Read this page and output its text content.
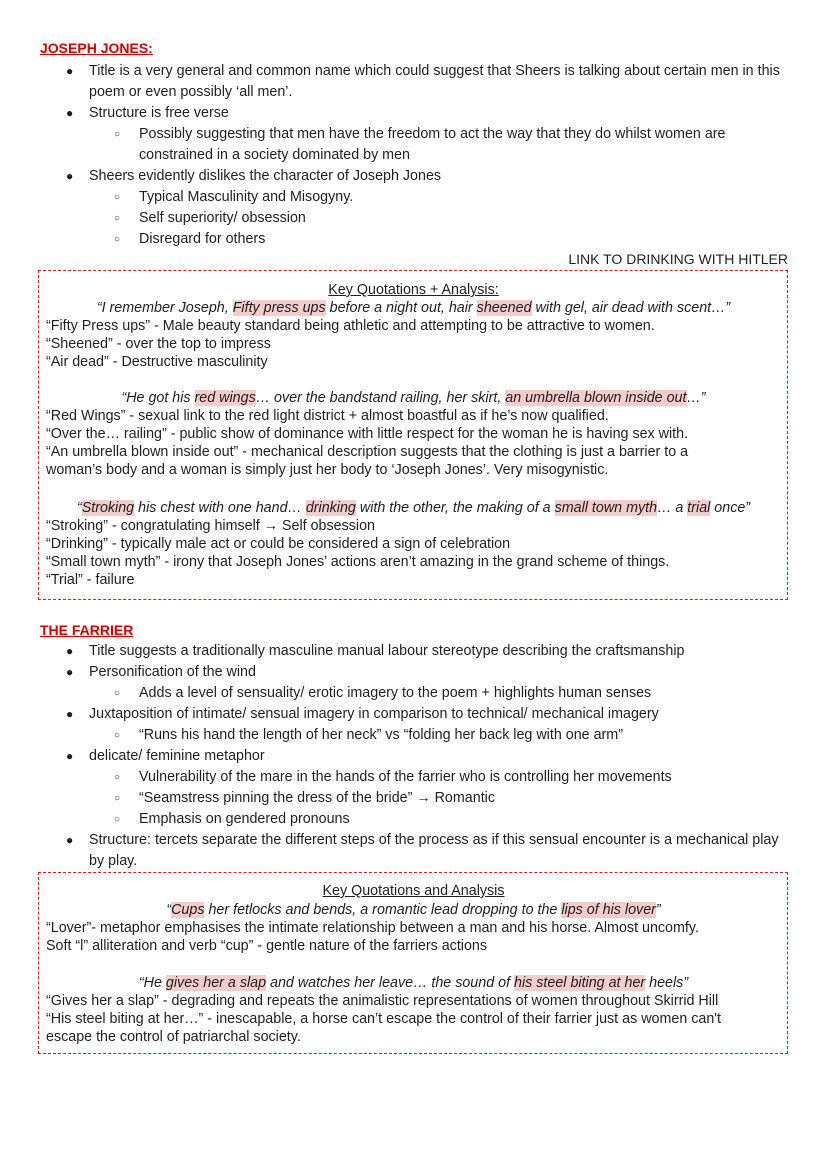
JOSEPH JONES:
●	Title is a very general and common name which could suggest that Sheers is talking about certain men in this poem or even possibly ‘all men’.
●	Structure is free verse
○	Possibly suggesting that men have the freedom to act the way that they do whilst women are constrained in a society dominated by men
●	Sheers evidently dislikes the character of Joseph Jones
○	Typical Masculinity and Misogyny.
○	Self superiority/ obsession
○	Disregard for others
LINK TO DRINKING WITH HITLER
Key Quotations + Analysis:
“I remember Joseph, Fifty press ups before a night out, hair sheened with gel, air dead with scent…”
“Fifty Press ups” - Male beauty standard being athletic and attempting to be attractive to women.
“Sheened” - over the top to impress
“Air dead” - Destructive masculinity
“He got his red wings… over the bandstand railing, her skirt, an umbrella blown inside out…”
“Red Wings” - sexual link to the red light district + almost boastful as if he’s now qualified.
“Over the… railing” - public show of dominance with little respect for the woman he is having sex with.
“An umbrella blown inside out” - mechanical description suggests that the clothing is just a barrier to a
woman’s body and a woman is simply just her body to ‘Joseph Jones’. Very misogynistic.
“Stroking his chest with one hand… drinking with the other, the making of a small town myth… a trial once”
“Stroking” - congratulating himself → Self obsession
“Drinking” - typically male act or could be considered a sign of celebration
“Small town myth” - irony that Joseph Jones’ actions aren’t amazing in the grand scheme of things.
“Trial” - failure
THE FARRIER
●	Title suggests a traditionally masculine manual labour stereotype describing the craftsmanship
●	Personification of the wind
○	Adds a level of sensuality/ erotic imagery to the poem + highlights human senses
●	Juxtaposition of intimate/ sensual imagery in comparison to technical/ mechanical imagery
○	“Runs his hand the length of her neck” vs “folding her back leg with one arm”
●	delicate/ feminine metaphor
○	Vulnerability of the mare in the hands of the farrier who is controlling her movements
○	“Seamstress pinning the dress of the bride” → Romantic
○	Emphasis on gendered pronouns
●	Structure: tercets separate the different steps of the process as if this sensual encounter is a mechanical play by play.
Key Quotations and Analysis
“Cups her fetlocks and bends, a romantic lead dropping to the lips of his lover”
“Lover”- metaphor emphasises the intimate relationship between a man and his horse. Almost uncomfy.
Soft “l” alliteration and verb “cup” - gentle nature of the farriers actions
“He gives her a slap and watches her leave… the sound of his steel biting at her heels”
“Gives her a slap” - degrading and repeats the animalistic representations of women throughout Skirrid Hill
“His steel biting at her…” - inescapable, a horse can’t escape the control of their farrier just as women can't
escape the control of patriarchal society.
